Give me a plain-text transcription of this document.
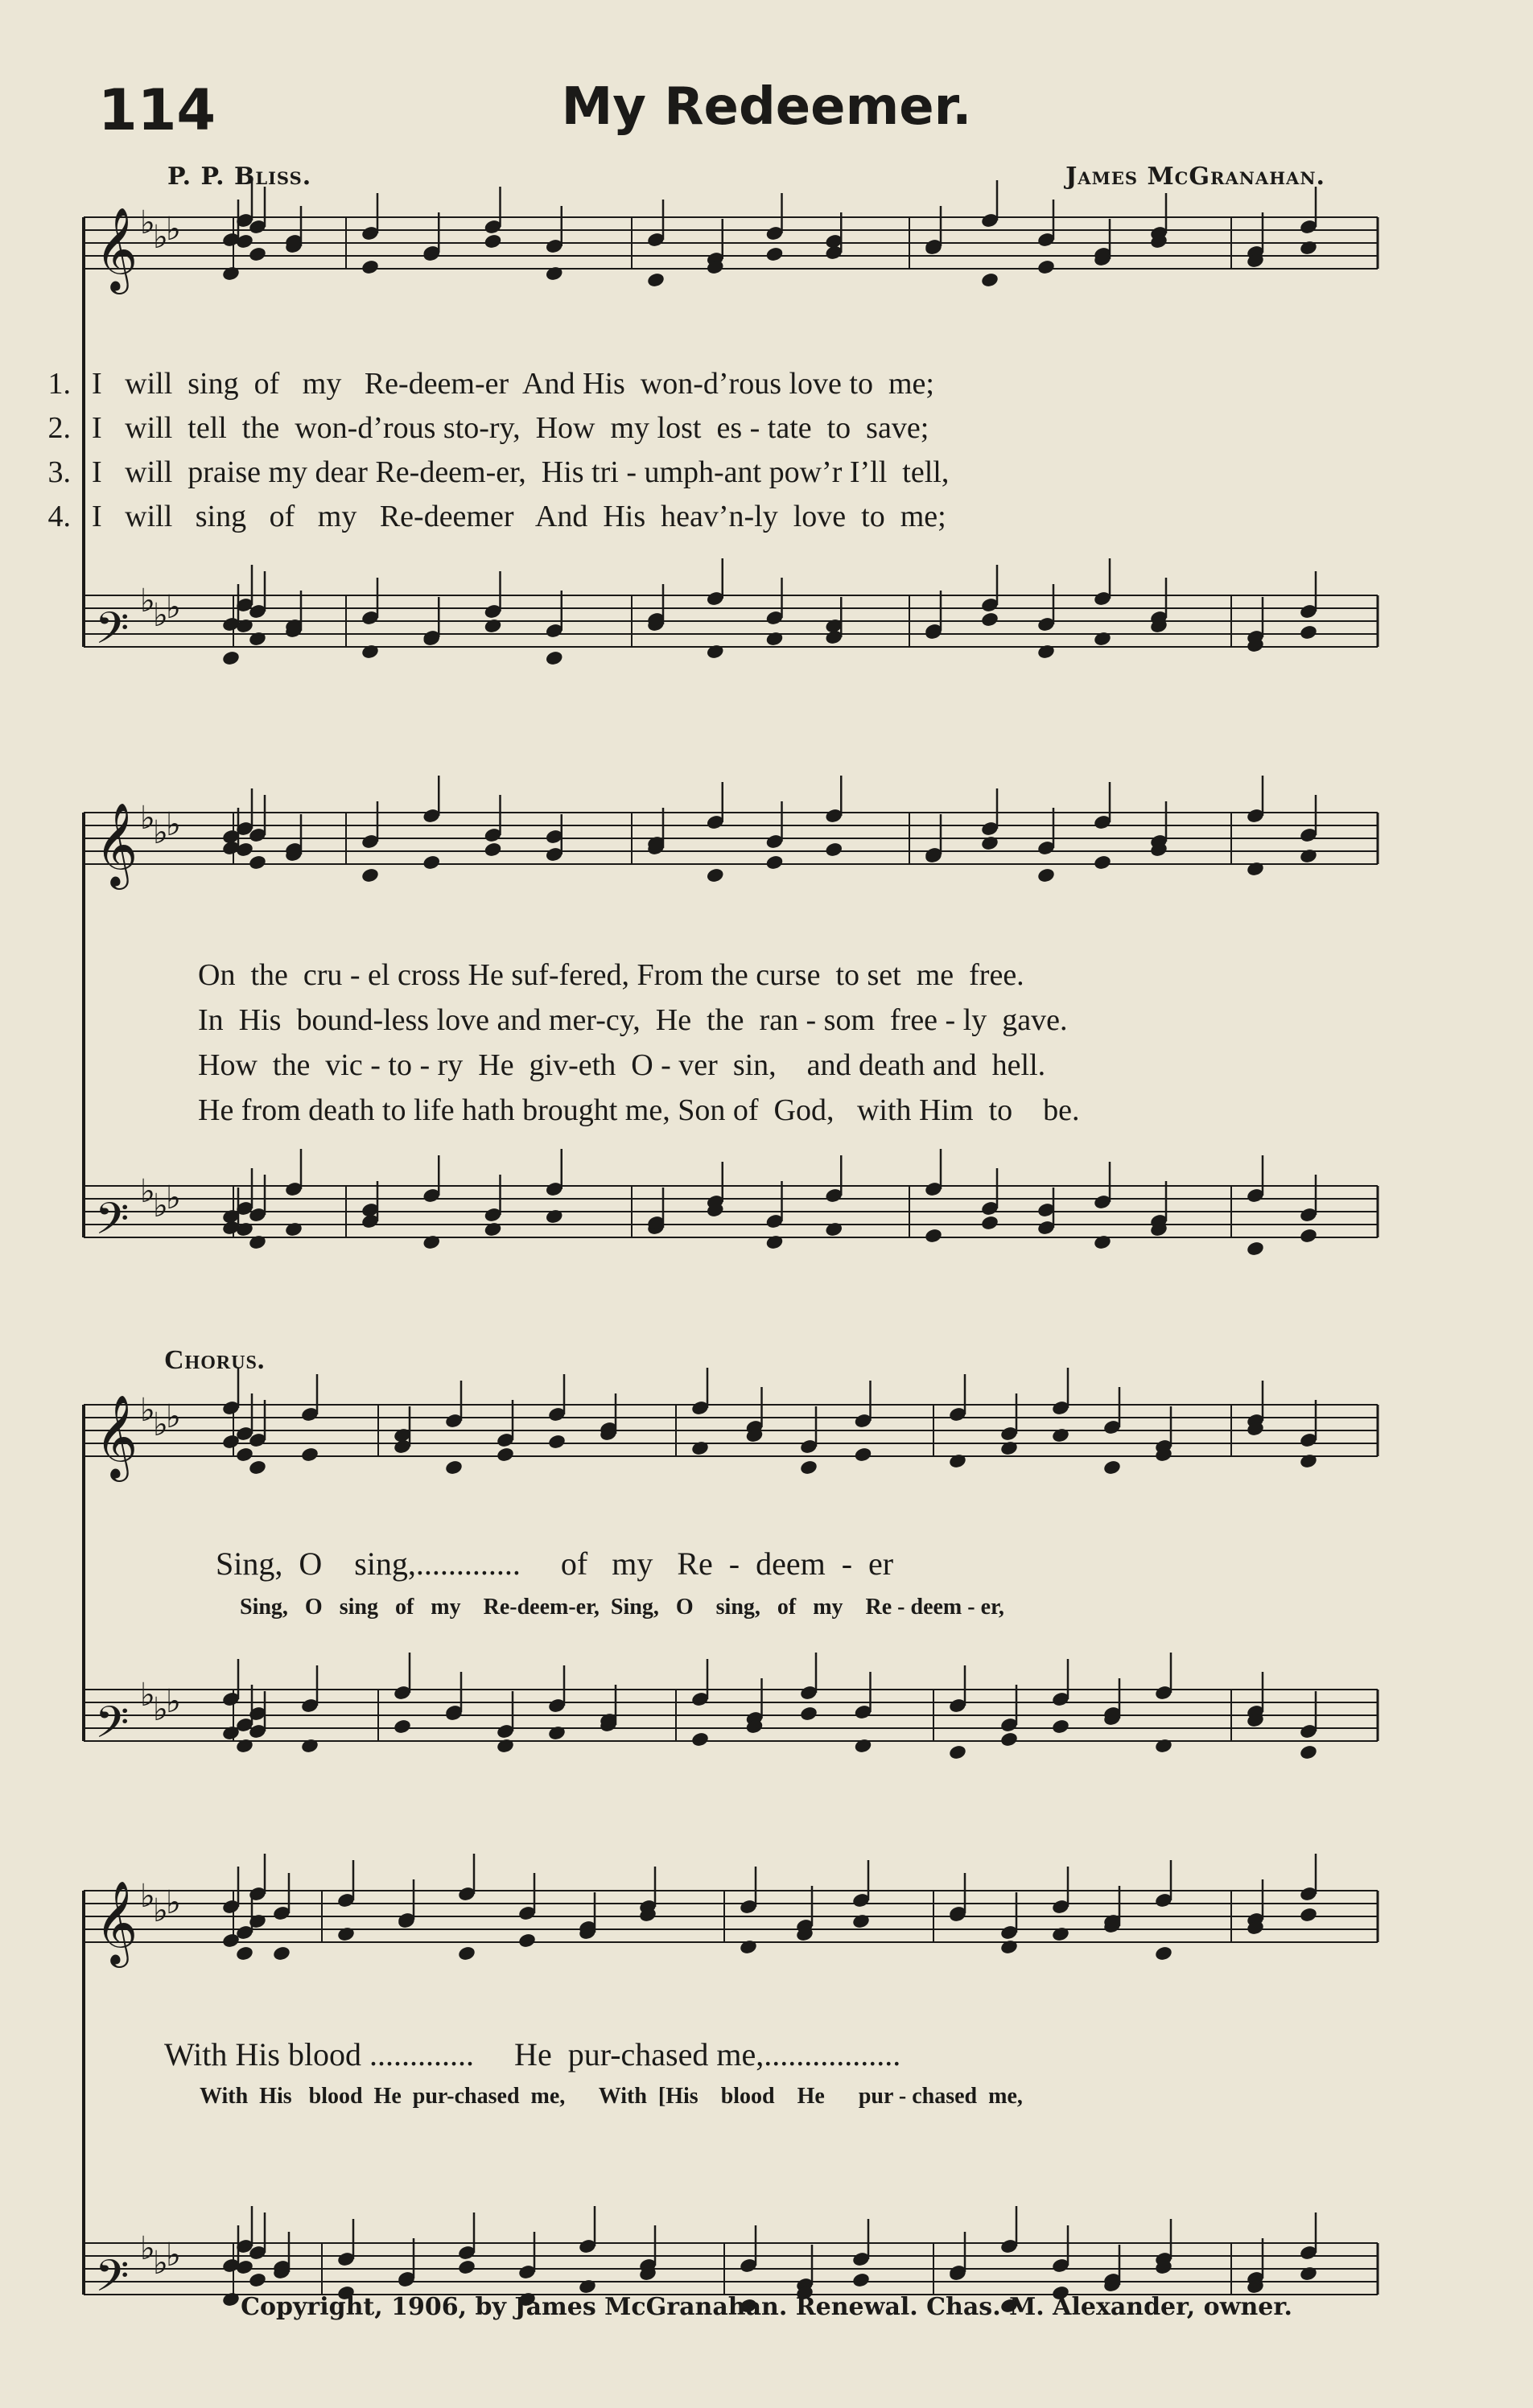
114	My Redeemer.
P. P. Bliss.	James McGranahan.
𝄞 ♭
♭
♭
𝄢
♭
♭
♭
𝄞 ♭
♭
♭
𝄢
♭
♭
♭
𝄞 ♭
♭
♭
𝄢
♭
♭
♭
𝄞 ♭
♭
♭
𝄢
♭
♭
♭
1. I   will  sing  of   my   Re-deem-er  And His  won-d’rous love to  me;
2. I   will  tell  the  won-d’rous sto-ry,  How  my lost  es - tate  to  save;
3. I   will  praise my dear Re-deem-er,  His tri - umph-ant pow’r I’ll  tell,
4. I   will   sing   of   my   Re-deemer   And  His  heav’n-ly  love  to  me;
On  the  cru - el cross He suf-fered, From the curse  to set  me  free.
In  His  bound-less love and mer-cy,  He  the  ran - som  free - ly  gave.
How  the  vic - to - ry  He  giv-eth  O - ver  sin,    and death and  hell.
He from death to life hath brought me, Son of  God,   with Him  to    be.
Chorus.
Sing,  O    sing,.............     of   my   Re  -  deem  -  er
Sing,   O   sing   of   my    Re-deem-er,  Sing,   O    sing,   of   my    Re - deem - er,
With His blood .............     He  pur-chased me,.................
With  His   blood  He  pur-chased  me,      With  [His    blood    He      pur - chased  me,
Copyright, 1906, by James McGranahan. Renewal. Chas. M. Alexander, owner.
